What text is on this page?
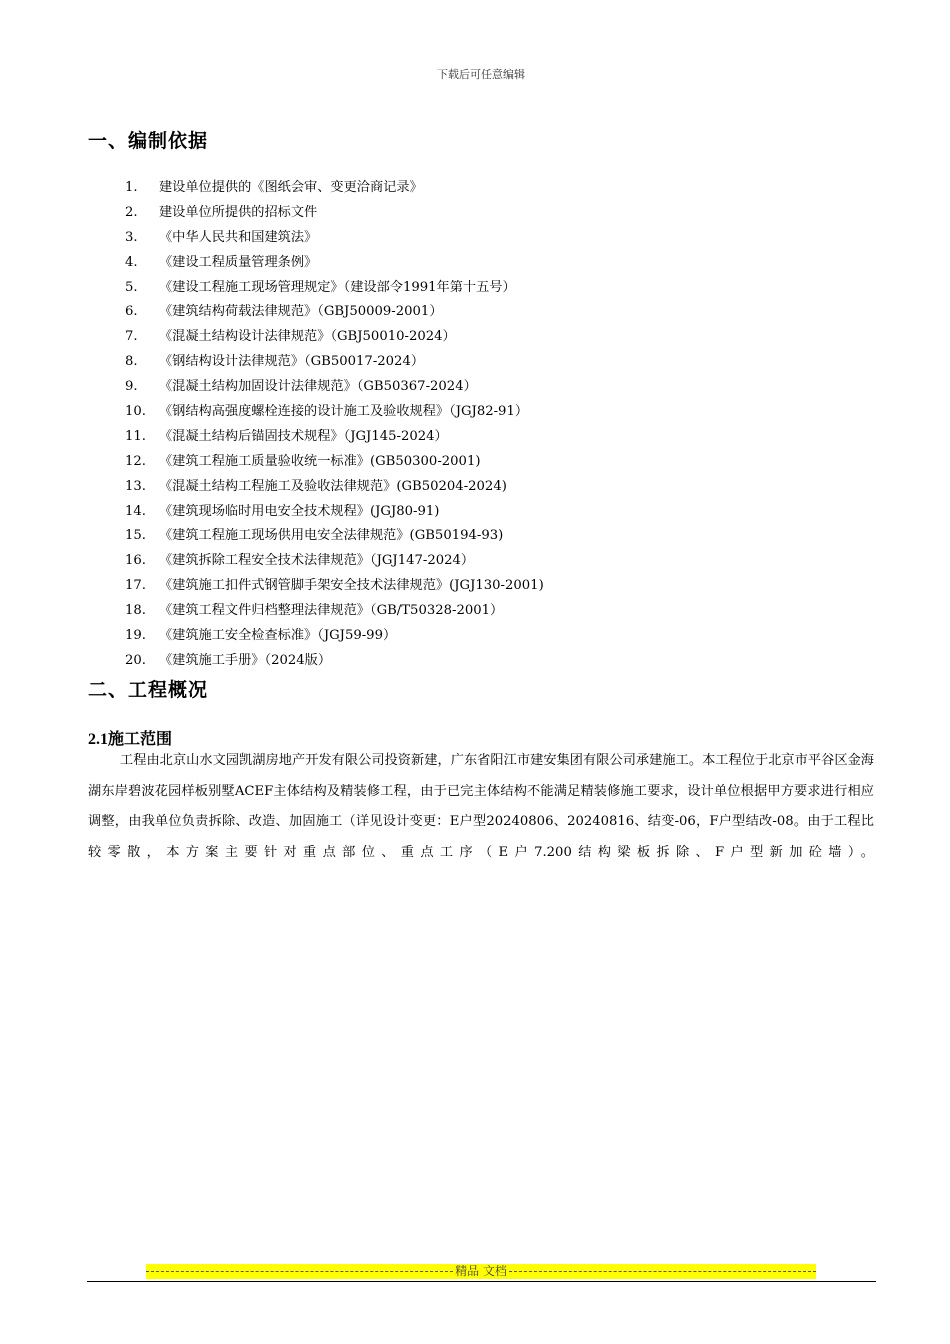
下载后可任意编辑
一、编制依据
1. 建设单位提供的《图纸会审、变更洽商记录》
2. 建设单位所提供的招标文件
3. 《中华人民共和国建筑法》
4. 《建设工程质量管理条例》
5. 《建设工程施工现场管理规定》（建设部令1991年第十五号）
6. 《建筑结构荷载法律规范》（GBJ50009-2001）
7. 《混凝土结构设计法律规范》（GBJ50010-2024）
8. 《钢结构设计法律规范》（GB50017-2024）
9. 《混凝土结构加固设计法律规范》（GB50367-2024）
10. 《钢结构高强度螺栓连接的设计施工及验收规程》（JGJ82-91）
11. 《混凝土结构后锚固技术规程》（JGJ145-2024）
12. 《建筑工程施工质量验收统一标准》(GB50300-2001)
13. 《混凝土结构工程施工及验收法律规范》(GB50204-2024)
14. 《建筑现场临时用电安全技术规程》(JGJ80-91)
15. 《建筑工程施工现场供用电安全法律规范》(GB50194-93)
16. 《建筑拆除工程安全技术法律规范》（JGJ147-2024）
17. 《建筑施工扣件式钢管脚手架安全技术法律规范》(JGJ130-2001)
18. 《建筑工程文件归档整理法律规范》（GB/T50328-2001）
19. 《建筑施工安全检查标准》（JGJ59-99）
20. 《建筑施工手册》（2024版）
二、工程概况
2.1施工范围

工程由北京山水文园凯湖房地产开发有限公司投资新建，广东省阳江市建安集团有限公司承建施工。本工程位于北京市平谷区金海湖东岸碧波花园样板别墅ACEF主体结构及精装修工程，由于已完主体结构不能满足精装修施工要求，设计单位根据甲方要求进行相应调整，由我单位负责拆除、改造、加固施工（详见设计变更：E户型20240806、20240816、结变-06，F户型结改-08。由于工程比较零散，本方案主要针对重点部位、重点工序（E户7.200结构梁板拆除、F户型新加砼墙）。

精品 文档
